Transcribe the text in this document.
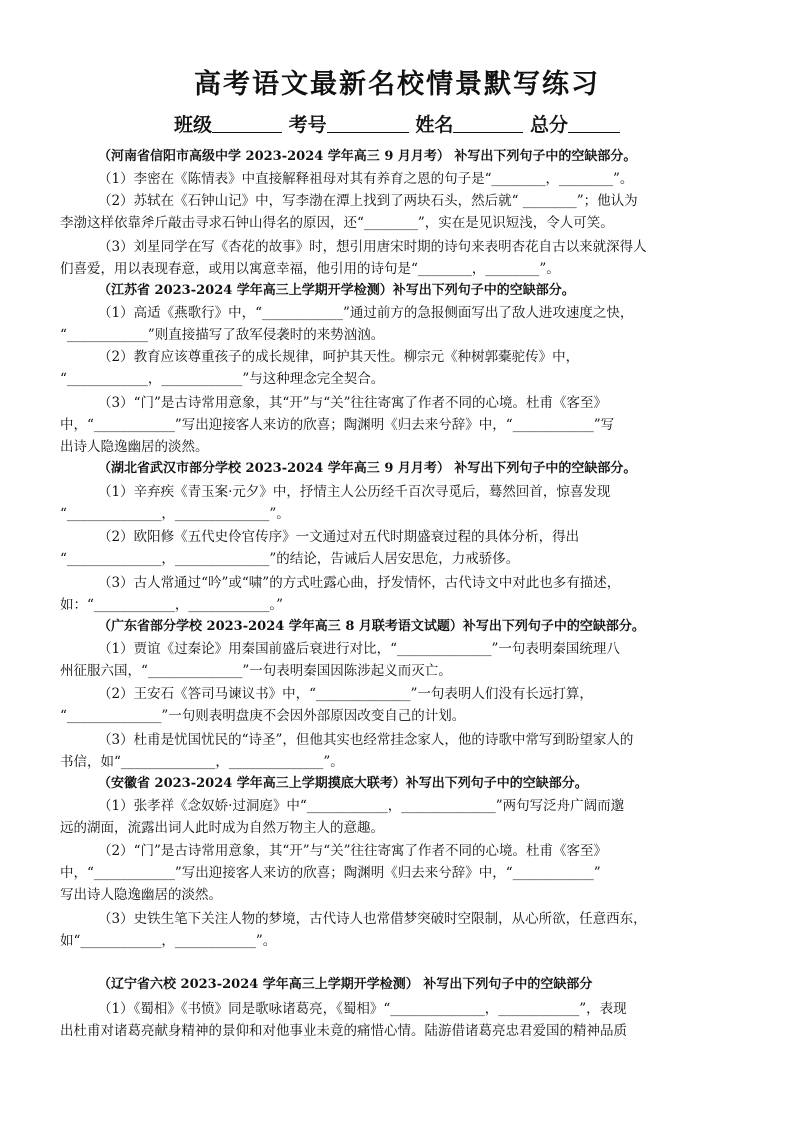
高考语文最新名校情景默写练习
班级	考号	姓名	总分
（河南省信阳市高级中学 2023-2024 学年高三 9 月月考） 补写出下列句子中的空缺部分。
（1）李密在《陈情表》中直接解释祖母对其有养育之恩的句子是“________，________”。
（2）苏轼在《石钟山记》中，写李渤在潭上找到了两块石头，然后就“ ________”；他认为
李渤这样依靠斧斤敲击寻求石钟山得名的原因，还“________”，实在是见识短浅，令人可笑。
（3）刘星同学在写《杏花的故事》时，想引用唐宋时期的诗句来表明杏花自古以来就深得人
们喜爱，用以表现春意，或用以寓意幸福，他引用的诗句是“________，________”。
（江苏省 2023-2024 学年高三上学期开学检测）补写出下列句子中的空缺部分。
（1）高适《燕歌行》中，“____________”通过前方的急报侧面写出了敌人进攻速度之快，
“____________”则直接描写了敌军侵袭时的来势汹汹。
（2）教育应该尊重孩子的成长规律，呵护其天性。柳宗元《种树郭橐驼传》中，
“____________，____________”与这种理念完全契合。
（3）“门”是古诗常用意象，其“开”与“关”往往寄寓了作者不同的心境。杜甫《客至》
中，“____________”写出迎接客人来访的欣喜；陶渊明《归去来兮辞》中，“____________”写
出诗人隐逸幽居的淡然。
（湖北省武汉市部分学校 2023-2024 学年高三 9 月月考） 补写出下列句子中的空缺部分。
（1）辛弃疾《青玉案·元夕》中，抒情主人公历经千百次寻觅后，蓦然回首，惊喜发现
“______________，______________”。
（2）欧阳修《五代史伶官传序》一文通过对五代时期盛衰过程的具体分析，得出
“______________，______________”的结论，告诫后人居安思危，力戒骄侈。
（3）古人常通过“吟”或“啸”的方式吐露心曲，抒发情怀，古代诗文中对此也多有描述，
如：“____________，____________。”
（广东省部分学校 2023-2024 学年高三 8 月联考语文试题）补写出下列句子中的空缺部分。
（1）贾谊《过秦论》用秦国前盛后衰进行对比，“______________”一句表明秦国统理八
州征服六国，“______________”一句表明秦国因陈涉起义而灭亡。
（2）王安石《答司马谏议书》中，“______________”一句表明人们没有长远打算，
“______________”一句则表明盘庚不会因外部原因改变自己的计划。
（3）杜甫是忧国忧民的“诗圣”，但他其实也经常挂念家人，他的诗歌中常写到盼望家人的
书信，如“______________，______________”。
（安徽省 2023-2024 学年高三上学期摸底大联考）补写出下列句子中的空缺部分。
（1）张孝祥《念奴娇·过洞庭》中“____________，______________”两句写泛舟广阔而邈
远的湖面，流露出词人此时成为自然万物主人的意趣。
（2）“门”是古诗常用意象，其“开”与“关”往往寄寓了作者不同的心境。杜甫《客至》
中，“____________”写出迎接客人来访的欣喜；陶渊明《归去来兮辞》中，“____________”
写出诗人隐逸幽居的淡然。
（3）史铁生笔下关注人物的梦境，古代诗人也常借梦突破时空限制，从心所欲，任意西东，
如“____________，____________”。
（辽宁省六校 2023-2024 学年高三上学期开学检测） 补写出下列句子中的空缺部分
（1）《蜀相》《书愤》同是歌咏诸葛亮，《蜀相》“______________，____________”，表现
出杜甫对诸葛亮献身精神的景仰和对他事业未竟的痛惜心情。陆游借诸葛亮忠君爱国的精神品质
